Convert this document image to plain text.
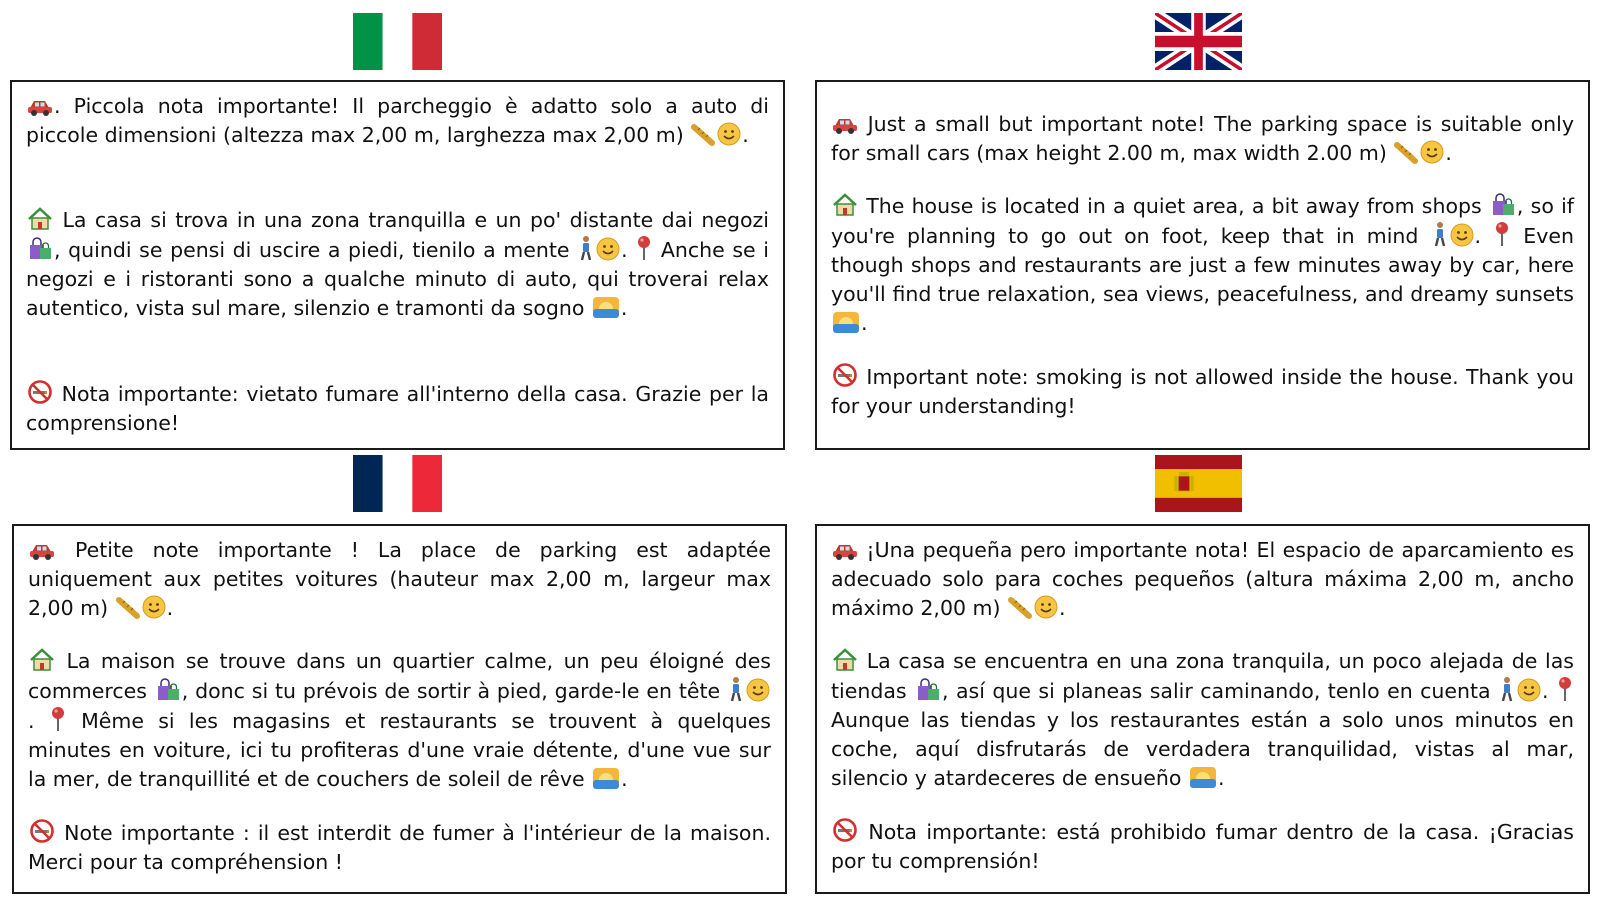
. Piccola nota importante! Il parcheggio è adatto solo a auto di piccole dimensioni (altezza max 2,00 m, larghezza max 2,00 m)	.

La casa si trova in una zona tranquilla e un po' distante dai negozi
, quindi se pensi di uscire a piedi, tienilo a mente
.
Anche se i negozi e i ristoranti sono a qualche minuto di auto, qui troverai relax autentico, vista sul mare, silenzio e tramonti da sogno
.

Nota importante: vietato fumare all'interno della casa. Grazie per la comprensione!

Just a small but important note! The parking space is suitable only for small cars (max height 2.00 m, max width 2.00 m)	.

The house is located in a quiet area, a bit away from shops
, so if you're planning to go out on foot, keep that in mind
.
Even though shops and restaurants are just a few minutes away by car, here you'll find true relaxation, sea views, peacefulness, and dreamy sunsets
.

Important note: smoking is not allowed inside the house. Thank you for your understanding!

Petite note importante ! La place de parking est adaptée uniquement aux petites voitures (hauteur max 2,00 m, largeur max 2,00 m)	.

La maison se trouve dans un quartier calme, un peu éloigné des commerces
, donc si tu prévois de sortir à pied, garde-le en tête
.
Même si les magasins et restaurants se trouvent à quelques minutes en voiture, ici tu profiteras d'une vraie détente, d'une vue sur la mer, de tranquillité et de couchers de soleil de rêve
.

Note importante : il est interdit de fumer à l'intérieur de la maison. Merci pour ta compréhension !

¡Una pequeña pero importante nota! El espacio de aparcamiento es adecuado solo para coches pequeños (altura máxima 2,00 m, ancho máximo 2,00 m)	.

La casa se encuentra en una zona tranquila, un poco alejada de las tiendas
, así que si planeas salir caminando, tenlo en cuenta
.
Aunque las tiendas y los restaurantes están a solo unos minutos en coche, aquí disfrutarás de verdadera tranquilidad, vistas al mar, silencio y atardeceres de ensueño
.

Nota importante: está prohibido fumar dentro de la casa. ¡Gracias por tu comprensión!
